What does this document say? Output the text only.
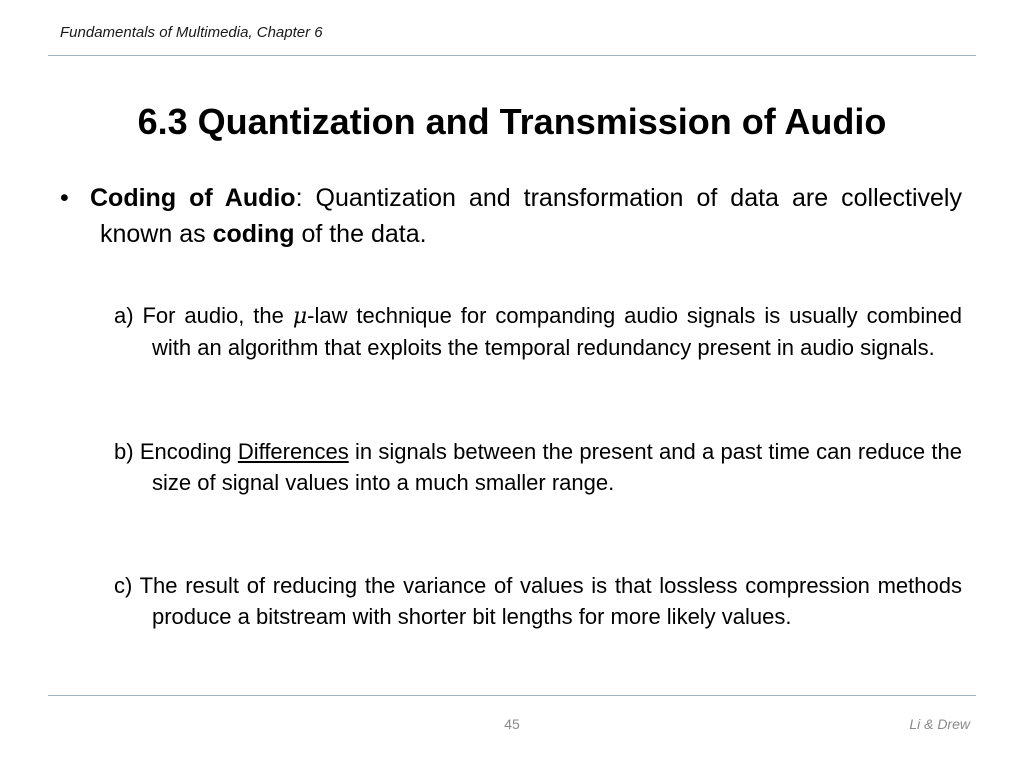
Fundamentals of Multimedia, Chapter 6
6.3 Quantization and Transmission of Audio
• Coding of Audio: Quantization and transformation of data are collectively known as coding of the data.
a) For audio, the μ-law technique for companding audio signals is usually combined with an algorithm that exploits the temporal redundancy present in audio signals.
b) Encoding Differences in signals between the present and a past time can reduce the size of signal values into a much smaller range.
c) The result of reducing the variance of values is that lossless compression methods produce a bitstream with shorter bit lengths for more likely values.
45	Li & Drew
